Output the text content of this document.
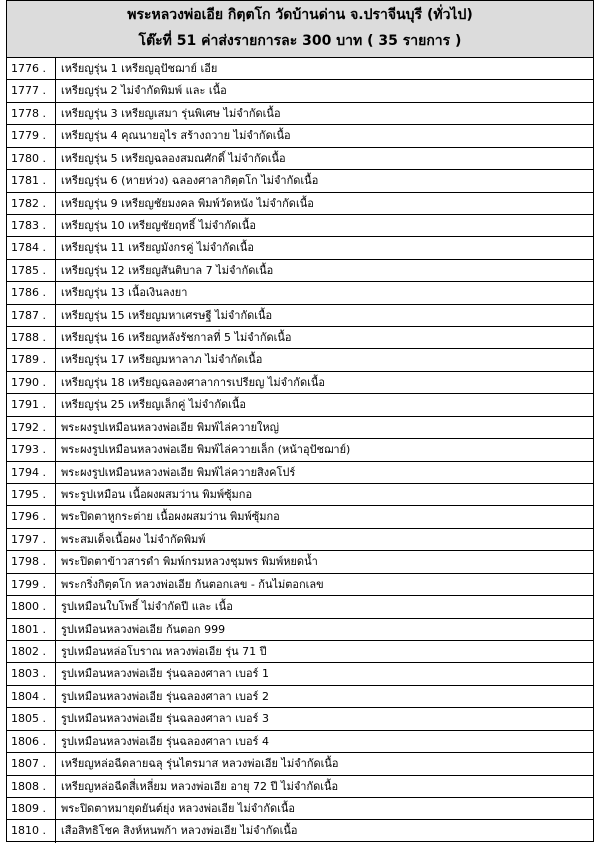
พระหลวงพ่อเอีย กิตฺตโก วัดบ้านด่าน จ.ปราจีนบุรี (ทั่วไป)
โต๊ะที่ 51 ค่าส่งรายการละ 300 บาท ( 35 รายการ )
1776 .	เหรียญรุ่น 1 เหรียญอุปัชฌาย์ เอีย
1777 .	เหรียญรุ่น 2 ไม่จำกัดพิมพ์ และ เนื้อ
1778 .	เหรียญรุ่น 3 เหรียญเสมา รุ่นพิเศษ ไม่จำกัดเนื้อ
1779 .	เหรียญรุ่น 4 คุณนายอุไร สร้างถวาย ไม่จำกัดเนื้อ
1780 .	เหรียญรุ่น 5 เหรียญฉลองสมณศักดิ์ ไม่จำกัดเนื้อ
1781 .	เหรียญรุ่น 6 (หายห่วง) ฉลองศาลากิตฺตโก ไม่จำกัดเนื้อ
1782 .	เหรียญรุ่น 9 เหรียญชัยมงคล พิมพ์วัดหนัง ไม่จำกัดเนื้อ
1783 .	เหรียญรุ่น 10 เหรียญชัยฤทธิ์ ไม่จำกัดเนื้อ
1784 .	เหรียญรุ่น 11 เหรียญมังกรคู่ ไม่จำกัดเนื้อ
1785 .	เหรียญรุ่น 12 เหรียญสันติบาล 7 ไม่จำกัดเนื้อ
1786 .	เหรียญรุ่น 13 เนื้อเงินลงยา
1787 .	เหรียญรุ่น 15 เหรียญมหาเศรษฐี ไม่จำกัดเนื้อ
1788 .	เหรียญรุ่น 16 เหรียญหลังรัชกาลที่ 5 ไม่จำกัดเนื้อ
1789 .	เหรียญรุ่น 17 เหรียญมหาลาภ ไม่จำกัดเนื้อ
1790 .	เหรียญรุ่น 18 เหรียญฉลองศาลาการเปรียญ ไม่จำกัดเนื้อ
1791 .	เหรียญรุ่น 25 เหรียญเล็กคู่ ไม่จำกัดเนื้อ
1792 .	พระผงรูปเหมือนหลวงพ่อเอีย พิมพ์ไล่ควายใหญ่
1793 .	พระผงรูปเหมือนหลวงพ่อเอีย พิมพ์ไล่ควายเล็ก (หน้าอุปัชฌาย์)
1794 .	พระผงรูปเหมือนหลวงพ่อเอีย พิมพ์ไล่ควายสิงคโปร์
1795 .	พระรูปเหมือน เนื้อผงผสมว่าน พิมพ์ซุ้มกอ
1796 .	พระปิดตาหูกระต่าย เนื้อผงผสมว่าน พิมพ์ซุ้มกอ
1797 .	พระสมเด็จเนื้อผง ไม่จำกัดพิมพ์
1798 .	พระปิดตาข้าวสารดำ พิมพ์กรมหลวงชุมพร พิมพ์หยดน้ำ
1799 .	พระกริ่งกิตฺตโก หลวงพ่อเอีย ก้นตอกเลข - ก้นไม่ตอกเลข
1800 .	รูปเหมือนใบโพธิ์ ไม่จำกัดปี และ เนื้อ
1801 .	รูปเหมือนหลวงพ่อเอีย ก้นตอก 999
1802 .	รูปเหมือนหล่อโบราณ หลวงพ่อเอีย รุ่น 71 ปี
1803 .	รูปเหมือนหลวงพ่อเอีย รุ่นฉลองศาลา เบอร์ 1
1804 .	รูปเหมือนหลวงพ่อเอีย รุ่นฉลองศาลา เบอร์ 2
1805 .	รูปเหมือนหลวงพ่อเอีย รุ่นฉลองศาลา เบอร์ 3
1806 .	รูปเหมือนหลวงพ่อเอีย รุ่นฉลองศาลา เบอร์ 4
1807 .	เหรียญหล่อฉีดลายฉลุ รุ่นไตรมาส หลวงพ่อเอีย ไม่จำกัดเนื้อ
1808 .	เหรียญหล่อฉีดสี่เหลี่ยม หลวงพ่อเอีย อายุ 72 ปี ไม่จำกัดเนื้อ
1809 .	พระปิดตาหมายุดยันต์ยุ่ง หลวงพ่อเอีย ไม่จำกัดเนื้อ
1810 .	เสือสิทธิโชค สิงห์หนพก้า หลวงพ่อเอีย ไม่จำกัดเนื้อ
